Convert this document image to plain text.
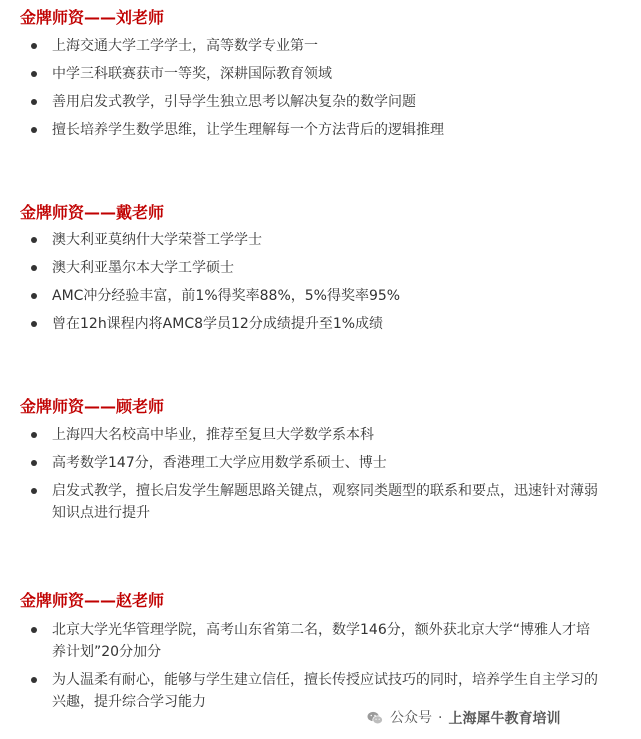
金牌师资——刘老师
上海交通大学工学学士，高等数学专业第一
中学三科联赛获市一等奖，深耕国际教育领域
善用启发式教学，引导学生独立思考以解决复杂的数学问题
擅长培养学生数学思维，让学生理解每一个方法背后的逻辑推理
金牌师资——戴老师
澳大利亚莫纳什大学荣誉工学学士
澳大利亚墨尔本大学工学硕士
AMC冲分经验丰富，前1%得奖率88%，5%得奖率95%
曾在12h课程内将AMC8学员12分成绩提升至1%成绩
金牌师资——顾老师
上海四大名校高中毕业，推荐至复旦大学数学系本科
高考数学147分，香港理工大学应用数学系硕士、博士
启发式教学，擅长启发学生解题思路关键点，观察同类题型的联系和要点，迅速针对薄弱知识点进行提升
金牌师资——赵老师
北京大学光华管理学院，高考山东省第二名，数学146分，额外获北京大学“博雅人才培养计划”20分加分
为人温柔有耐心，能够与学生建立信任，擅长传授应试技巧的同时，培养学生自主学习的兴趣，提升综合学习能力
公众号 · 上海犀牛教育培训
